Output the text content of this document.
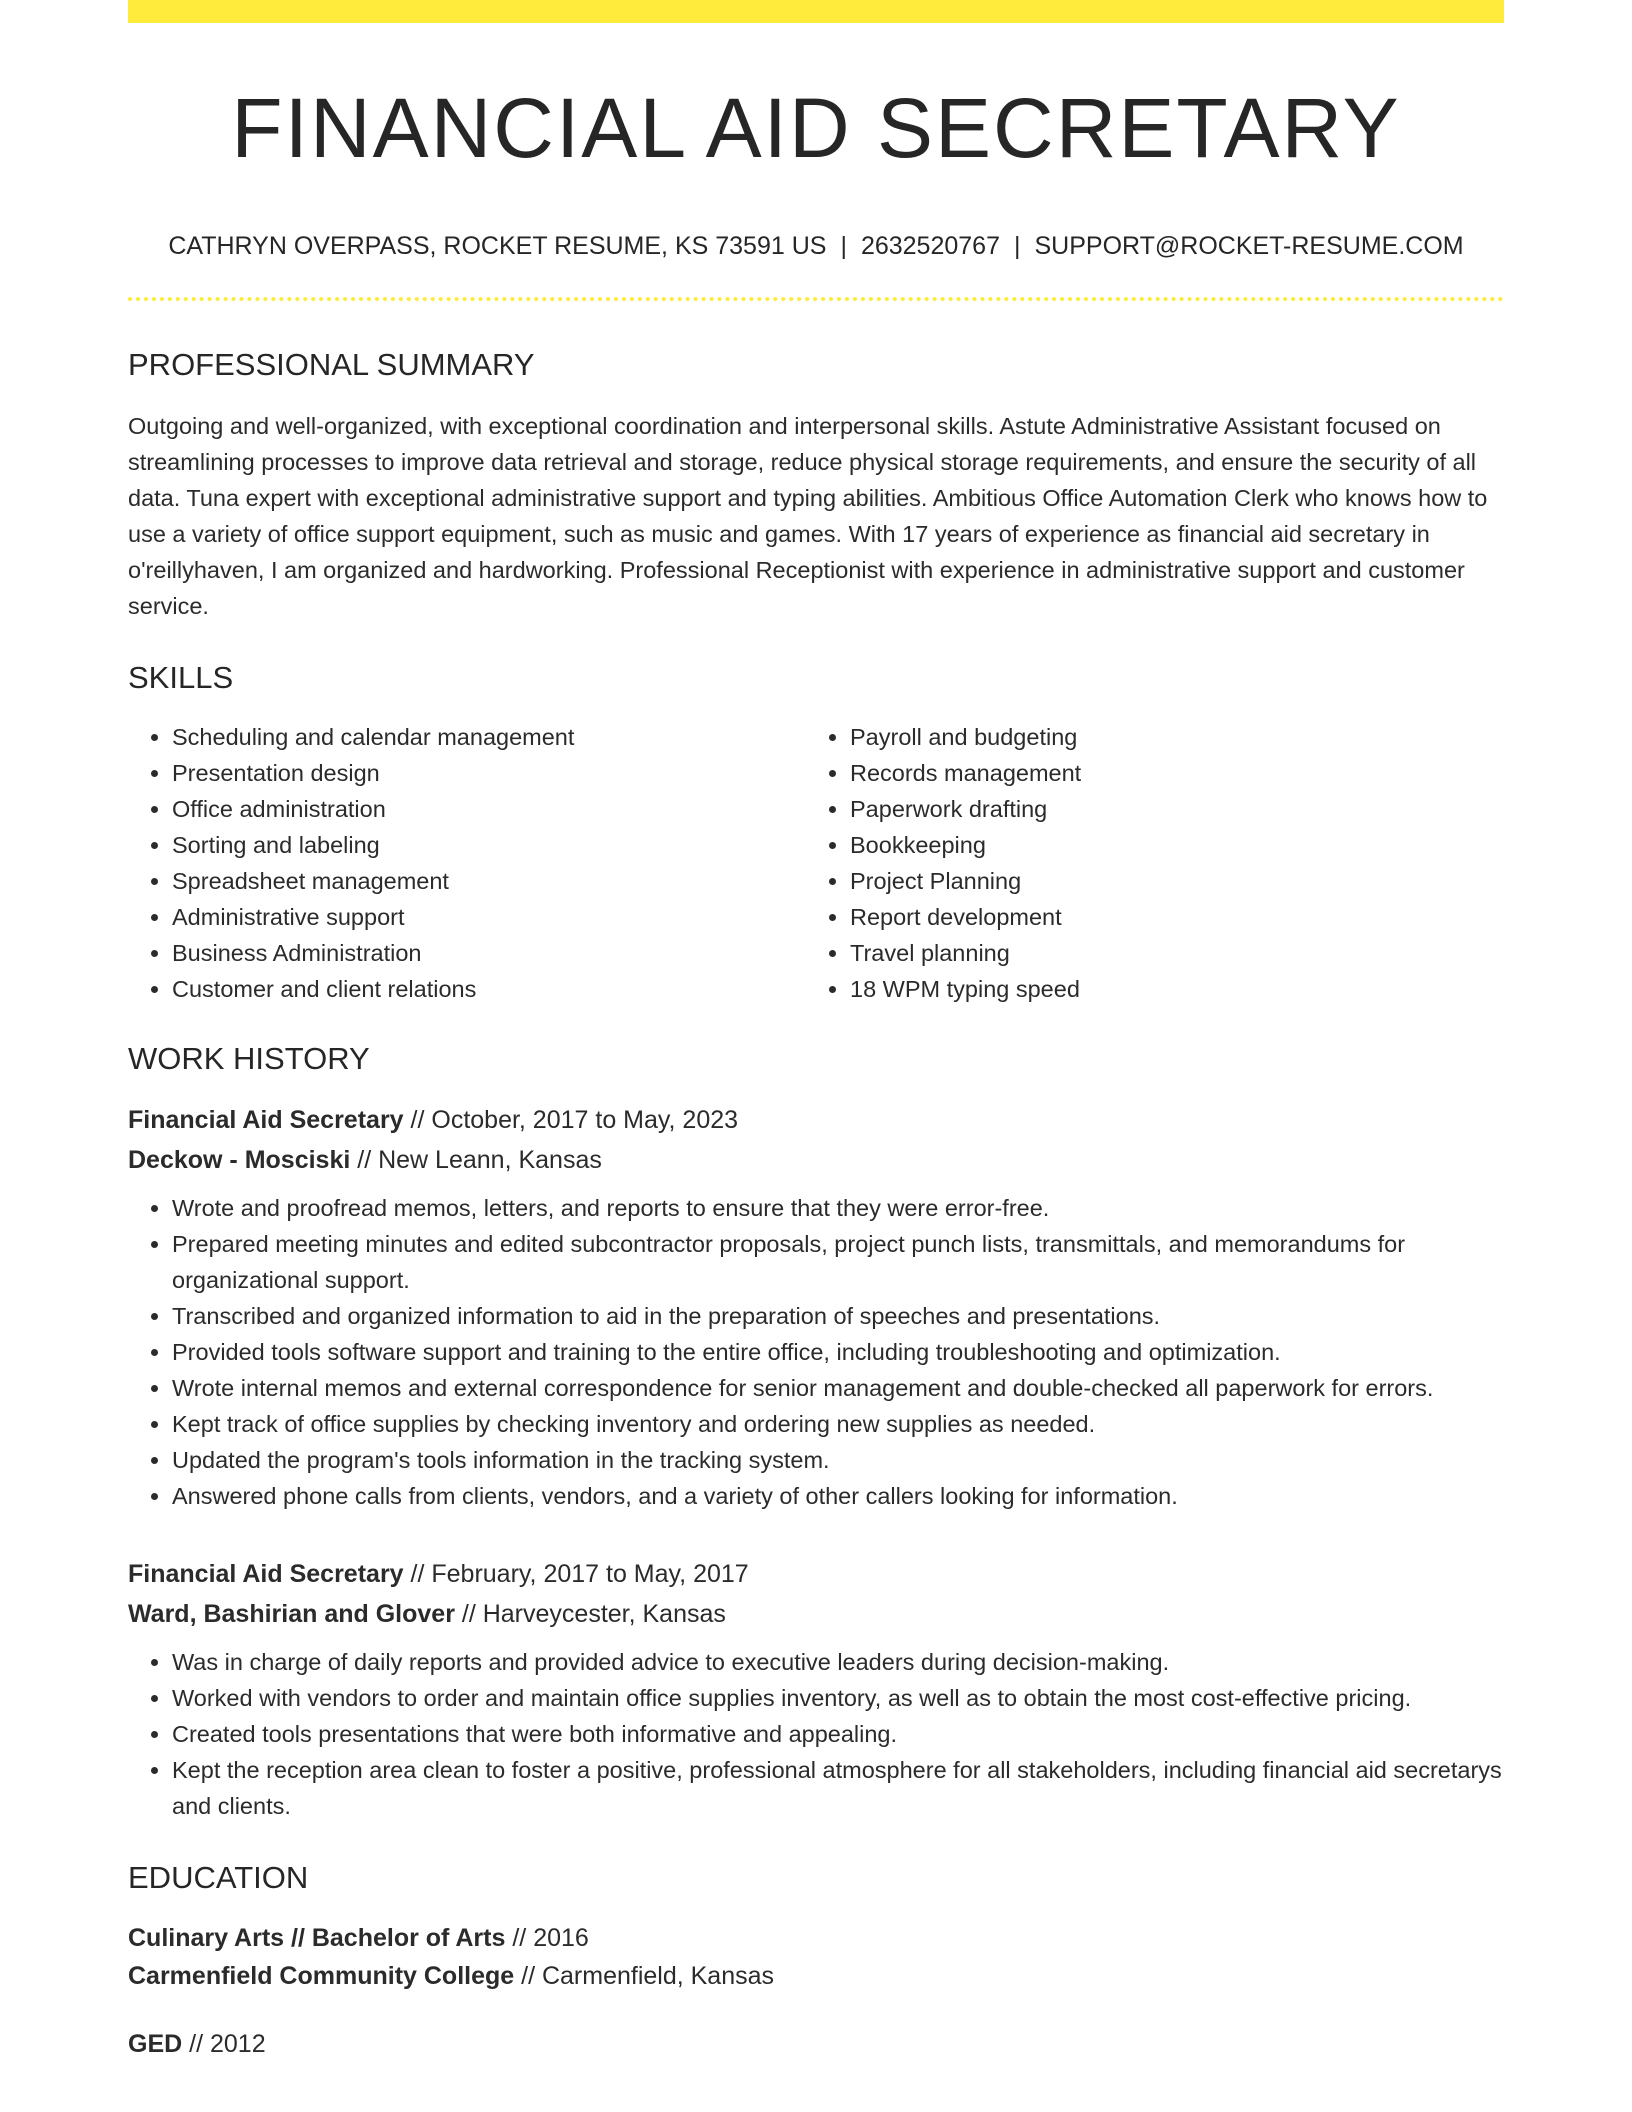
FINANCIAL AID SECRETARY
CATHRYN OVERPASS, ROCKET RESUME, KS 73591 US | 2632520767 | SUPPORT@ROCKET-RESUME.COM
PROFESSIONAL SUMMARY
Outgoing and well-organized, with exceptional coordination and interpersonal skills. Astute Administrative Assistant focused on streamlining processes to improve data retrieval and storage, reduce physical storage requirements, and ensure the security of all data. Tuna expert with exceptional administrative support and typing abilities. Ambitious Office Automation Clerk who knows how to use a variety of office support equipment, such as music and games. With 17 years of experience as financial aid secretary in o'reillyhaven, I am organized and hardworking. Professional Receptionist with experience in administrative support and customer service.
SKILLS
• Scheduling and calendar management
• Presentation design
• Office administration
• Sorting and labeling
• Spreadsheet management
• Administrative support
• Business Administration
• Customer and client relations
• Payroll and budgeting
• Records management
• Paperwork drafting
• Bookkeeping
• Project Planning
• Report development
• Travel planning
• 18 WPM typing speed
WORK HISTORY
Financial Aid Secretary // October, 2017 to May, 2023
Deckow - Mosciski // New Leann, Kansas
• Wrote and proofread memos, letters, and reports to ensure that they were error-free.
• Prepared meeting minutes and edited subcontractor proposals, project punch lists, transmittals, and memorandums for organizational support.
• Transcribed and organized information to aid in the preparation of speeches and presentations.
• Provided tools software support and training to the entire office, including troubleshooting and optimization.
• Wrote internal memos and external correspondence for senior management and double-checked all paperwork for errors.
• Kept track of office supplies by checking inventory and ordering new supplies as needed.
• Updated the program's tools information in the tracking system.
• Answered phone calls from clients, vendors, and a variety of other callers looking for information.
Financial Aid Secretary // February, 2017 to May, 2017
Ward, Bashirian and Glover // Harveycester, Kansas
• Was in charge of daily reports and provided advice to executive leaders during decision-making.
• Worked with vendors to order and maintain office supplies inventory, as well as to obtain the most cost-effective pricing.
• Created tools presentations that were both informative and appealing.
• Kept the reception area clean to foster a positive, professional atmosphere for all stakeholders, including financial aid secretarys and clients.
EDUCATION
Culinary Arts // Bachelor of Arts // 2016
Carmenfield Community College // Carmenfield, Kansas
GED // 2012
